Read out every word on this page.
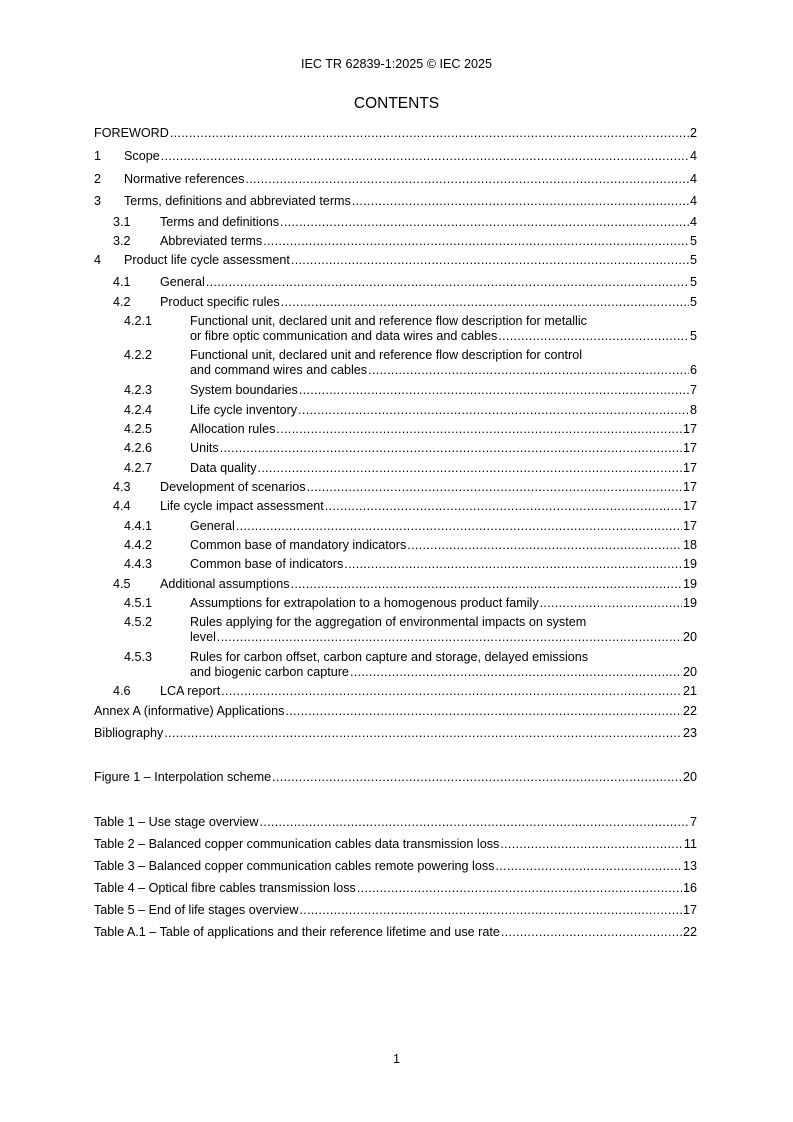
IEC TR 62839-1:2025 © IEC 2025
CONTENTS
FOREWORD .....	2
1 Scope .....	4
2 Normative references .....	4
3 Terms, definitions and abbreviated terms .....	4
3.1 Terms and definitions .....	4
3.2 Abbreviated terms .....	5
4 Product life cycle assessment .....	5
4.1 General .....	5
4.2 Product specific rules .....	5
4.2.1	Functional unit, declared unit and reference flow description for metallic
or fibre optic communication and data wires and cables .....	5
4.2.2	Functional unit, declared unit and reference flow description for control
and command wires and cables .....	6
4.2.3	System boundaries .....	7
4.2.4	Life cycle inventory .....	8
4.2.5	Allocation rules .....	17
4.2.6	Units .....	17
4.2.7	Data quality .....	17
4.3 Development of scenarios .....	17
4.4 Life cycle impact assessment .....	17
4.4.1	General .....	17
4.4.2	Common base of mandatory indicators .....	18
4.4.3	Common base of indicators .....	19
4.5 Additional assumptions .....	19
4.5.1	Assumptions for extrapolation to a homogenous product family .....	19
4.5.2	Rules applying for the aggregation of environmental impacts on system
level .....	20
4.5.3	Rules for carbon offset, carbon capture and storage, delayed emissions
and biogenic carbon capture .....	20
4.6 LCA report .....	21
Annex A (informative) Applications .....	22
Bibliography .....	23
Figure 1 – Interpolation scheme .....	20
Table 1 – Use stage overview .....	7
Table 2 – Balanced copper communication cables data transmission loss .....	11
Table 3 – Balanced copper communication cables remote powering loss .....	13
Table 4 – Optical fibre cables transmission loss .....	16
Table 5 – End of life stages overview .....	17
Table A.1 – Table of applications and their reference lifetime and use rate .....	22
1
